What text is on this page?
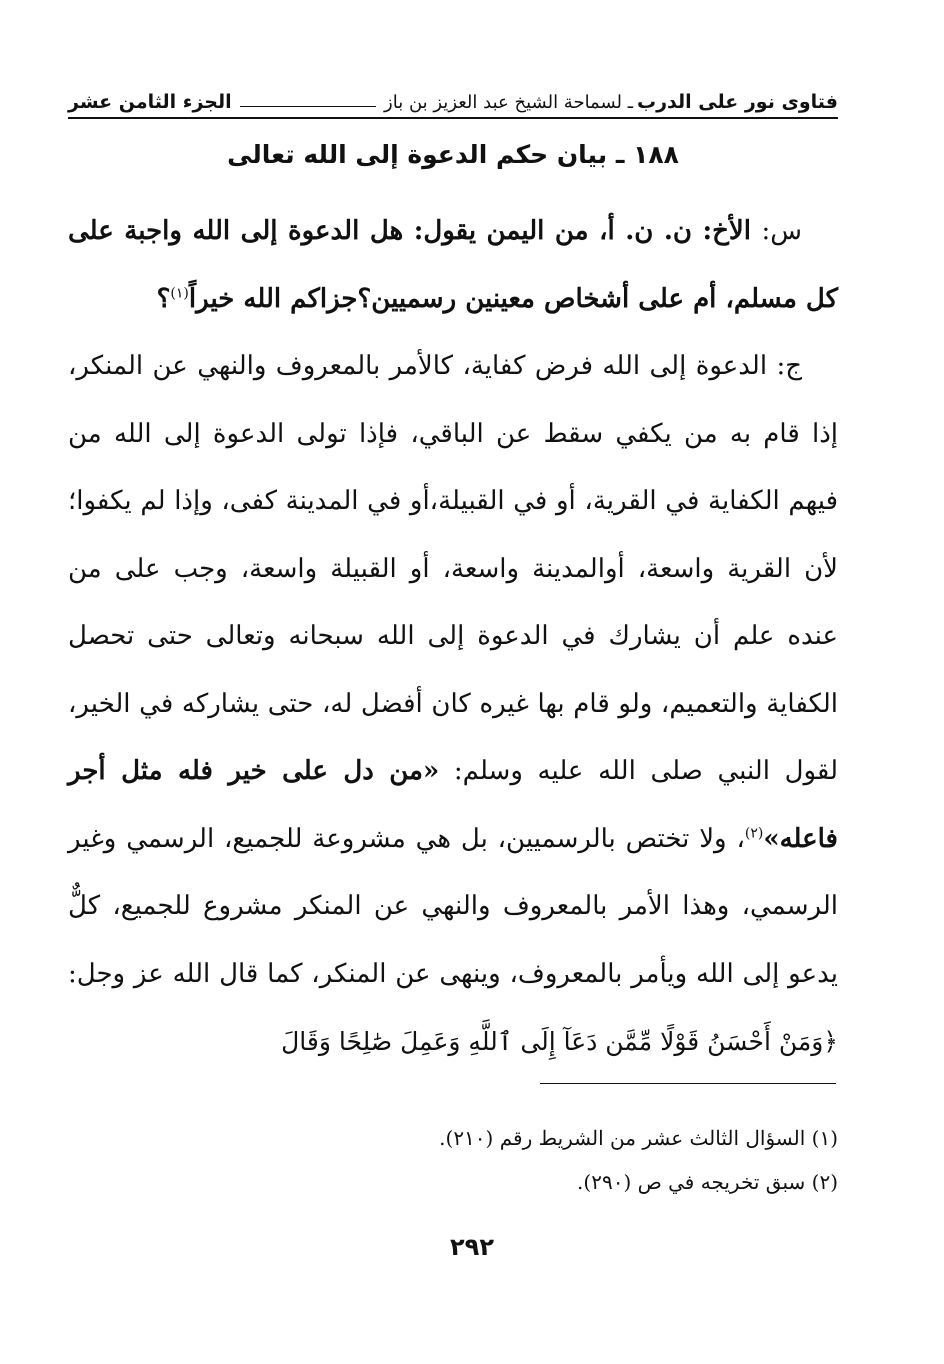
فتاوى نور على الدرب
ـ لسماحة الشيخ عبد العزيز بن باز
الجزء الثامن عشر
١٨٨ ـ بيان حكم الدعوة إلى الله تعالى

س: الأخ: ن. ن. أ، من اليمن يقول: هل الدعوة إلى الله واجبة على كل مسلم، أم على أشخاص معينين رسميين؟جزاكم الله خيراً$^{(١)}$؟

ج: الدعوة إلى الله فرض كفاية، كالأمر بالمعروف والنهي عن المنكر، إذا قام به من يكفي سقط عن الباقي، فإذا تولى الدعوة إلى الله من فيهم الكفاية في القرية، أو في القبيلة،أو في المدينة كفى، وإذا لم يكفوا؛ لأن القرية واسعة، أوالمدينة واسعة، أو القبيلة واسعة، وجب على من عنده علم أن يشارك في الدعوة إلى الله سبحانه وتعالى حتى تحصل الكفاية والتعميم، ولو قام بها غيره كان أفضل له، حتى يشاركه في الخير، لقول النبي صلى الله عليه وسلم: «من دل على خير فله مثل أجر فاعله»$^{(٢)}$، ولا تختص بالرسميين، بل هي مشروعة للجميع، الرسمي وغير الرسمي، وهذا الأمر بالمعروف والنهي عن المنكر مشروع للجميع، كلٌّ يدعو إلى الله ويأمر بالمعروف، وينهى عن المنكر، كما قال الله عز وجل: ﴿وَمَنْ أَحْسَنُ قَوْلًا مِّمَّن دَعَآ إِلَى ٱللَّهِ وَعَمِلَ صَٰلِحًا وَقَالَ

(١) السؤال الثالث عشر من الشريط رقم (٢١٠).
(٢) سبق تخريجه في ص (٢٩٠).
٢٩٢
